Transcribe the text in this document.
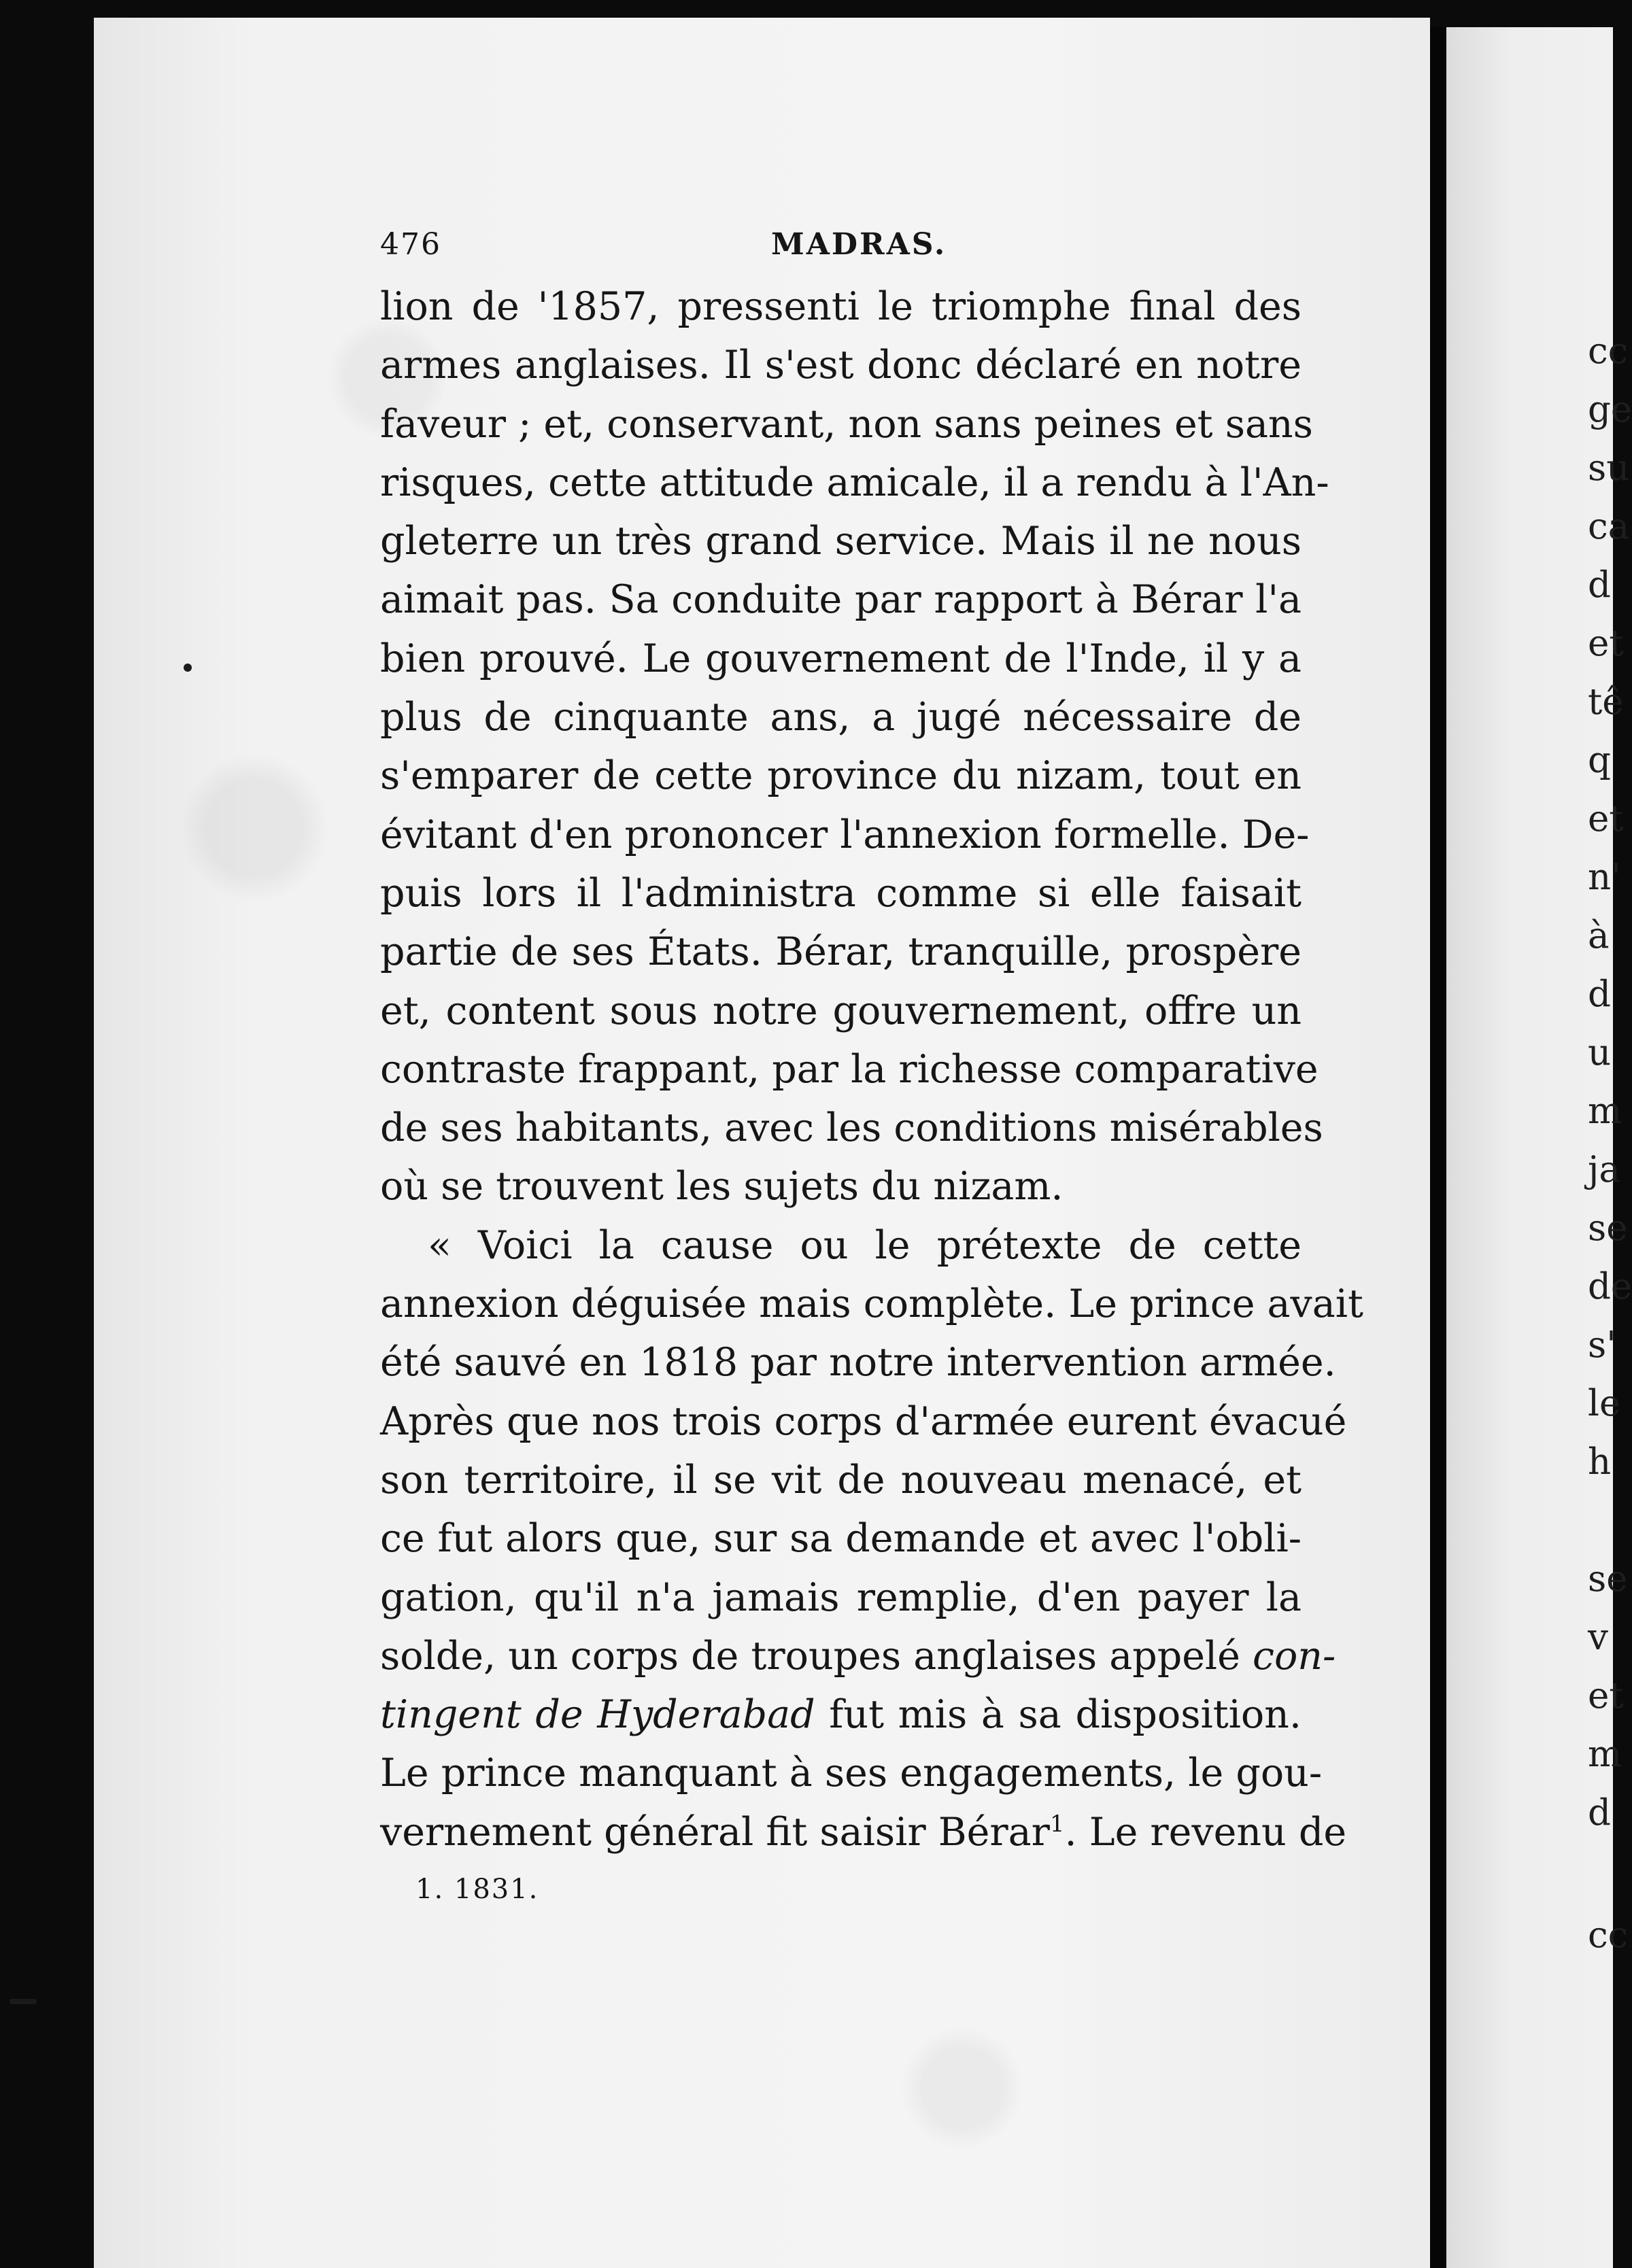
cc
ge
su
ca
d
et
tê
q
et
n'
à
d
u
m
ja
se
de
s'
le
h
se
v
et
m
d
cc
476	MADRAS.
lion de '1857, pressenti le triomphe final des
armes anglaises. Il s'est donc déclaré en notre
faveur ; et, conservant, non sans peines et sans
risques, cette attitude amicale, il a rendu à l'An-
gleterre un très grand service. Mais il ne nous
aimait pas. Sa conduite par rapport à Bérar l'a
bien prouvé. Le gouvernement de l'Inde, il y a
plus de cinquante ans, a jugé nécessaire de
s'emparer de cette province du nizam, tout en
évitant d'en prononcer l'annexion formelle. De-
puis lors il l'administra comme si elle faisait
partie de ses États. Bérar, tranquille, prospère
et, content sous notre gouvernement, offre un
contraste frappant, par la richesse comparative
de ses habitants, avec les conditions misérables
où se trouvent les sujets du nizam.
« Voici la cause ou le prétexte de cette
annexion déguisée mais complète. Le prince avait
été sauvé en 1818 par notre intervention armée.
Après que nos trois corps d'armée eurent évacué
son territoire, il se vit de nouveau menacé, et
ce fut alors que, sur sa demande et avec l'obli-
gation, qu'il n'a jamais remplie, d'en payer la
solde, un corps de troupes anglaises appelé con-
tingent de Hyderabad fut mis à sa disposition.
Le prince manquant à ses engagements, le gou-
vernement général fit saisir Bérar$^1$. Le revenu de
1. 1831.
